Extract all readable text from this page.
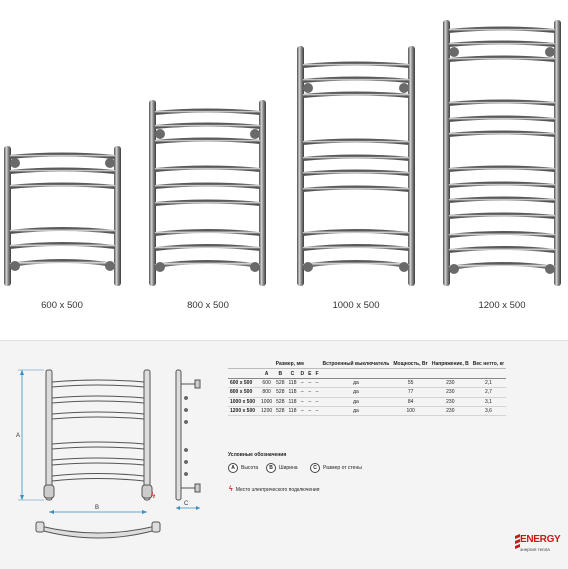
600 х 500	800 х 500	1000 х 500	1200 х 500
A
B
ϟ
C
	Размер, мм						Встроенный выключатель	Мощность, Вт	Напряжение, В	Вес нетто, кг
	A	B	C	D	E	F				
600 х 500	600	528	118	–	–	–	да	55	230	2,1
800 х 500	800	528	118	–	–	–	да	77	230	2,7
1000 х 500	1000	528	118	–	–	–	да	84	230	3,1
1200 х 500	1200	528	118	–	–	–	да	100	230	3,6
Условные обозначения
A	Высота	B	Ширина	C	Размер от стены
ϟ Место электрического подключения
ENERGY
энергия тепла
